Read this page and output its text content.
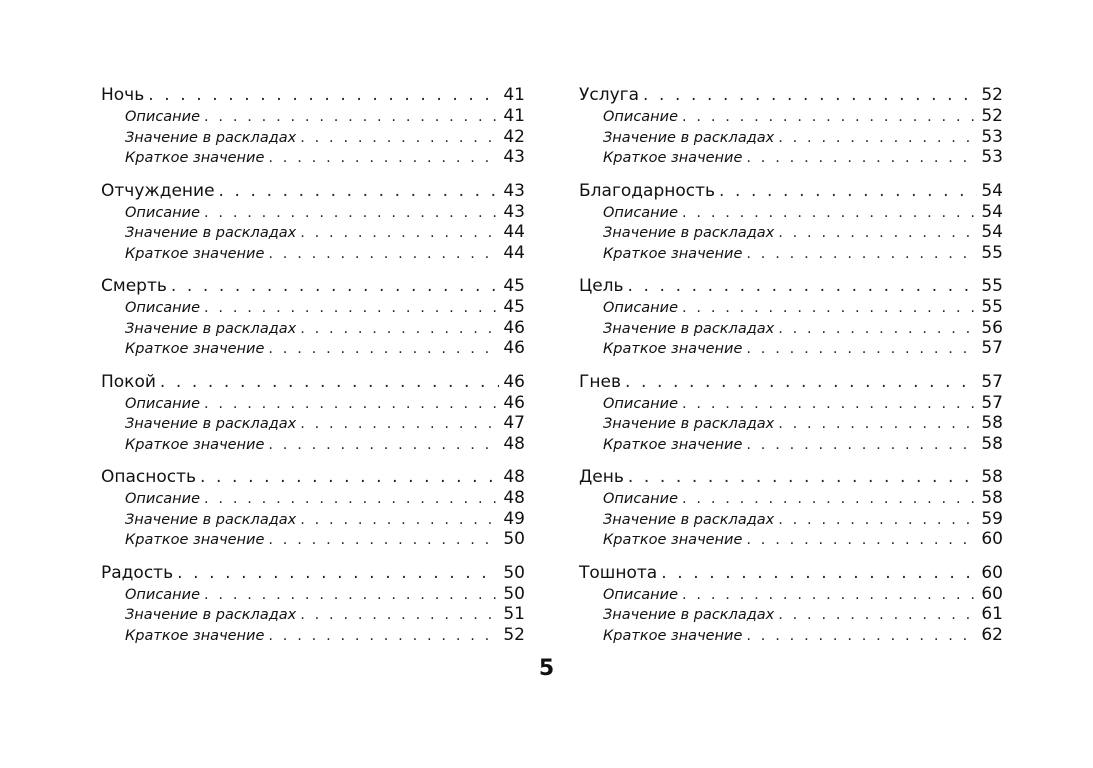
Ночь . . .	41
Описание . . .	41
Значение в раскладах . . .	42
Краткое значение . . .	43
Отчуждение . . .	43
Описание . . .	43
Значение в раскладах . . .	44
Краткое значение . . .	44
Смерть . . .	45
Описание . . .	45
Значение в раскладах . . .	46
Краткое значение . . .	46
Покой . . .	46
Описание . . .	46
Значение в раскладах . . .	47
Краткое значение . . .	48
Опасность . . .	48
Описание . . .	48
Значение в раскладах . . .	49
Краткое значение . . .	50
Радость . . .	50
Описание . . .	50
Значение в раскладах . . .	51
Краткое значение . . .	52
Услуга . . .	52
Описание . . .	52
Значение в раскладах . . .	53
Краткое значение . . .	53
Благодарность . . .	54
Описание . . .	54
Значение в раскладах . . .	54
Краткое значение . . .	55
Цель . . .	55
Описание . . .	55
Значение в раскладах . . .	56
Краткое значение . . .	57
Гнев . . .	57
Описание . . .	57
Значение в раскладах . . .	58
Краткое значение . . .	58
День . . .	58
Описание . . .	58
Значение в раскладах . . .	59
Краткое значение . . .	60
Тошнота . . .	60
Описание . . .	60
Значение в раскладах . . .	61
Краткое значение . . .	62
5
